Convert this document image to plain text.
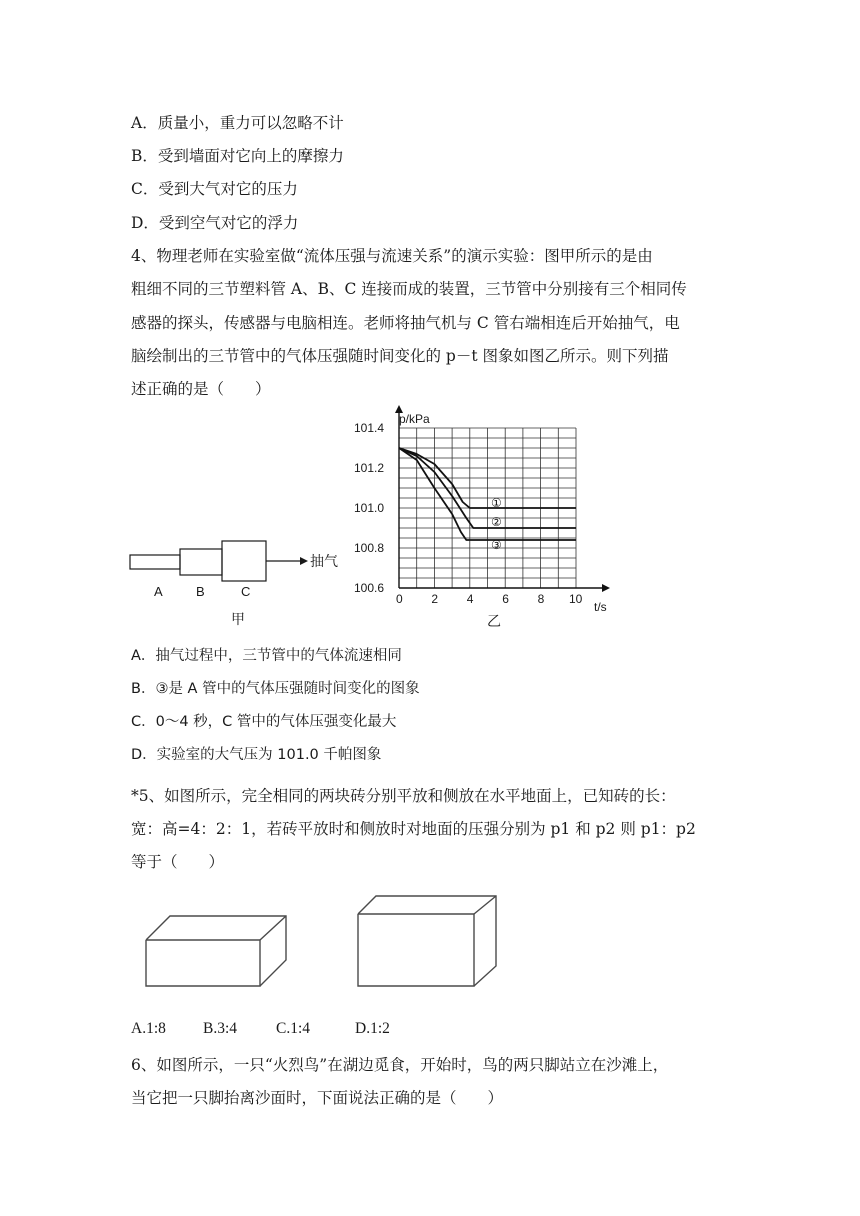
A．质量小，重力可以忽略不计
B．受到墙面对它向上的摩擦力
C．受到大气对它的压力
D．受到空气对它的浮力
4、物理老师在实验室做“流体压强与流速关系”的演示实验：图甲所示的是由
粗细不同的三节塑料管 A、B、C 连接而成的装置，三节管中分别接有三个相同传
感器的探头，传感器与电脑相连。老师将抽气机与 C 管右端相连后开始抽气，电
脑绘制出的三节管中的气体压强随时间变化的 p－t 图象如图乙所示。则下列描
述正确的是（　　）
抽气
A	B	C
甲
①
②
③
0 2 4 6 8 10
100.6
100.8
101.0
101.2
101.4
p/kPa
t/s
乙
A．抽气过程中，三节管中的气体流速相同
B．③是 A 管中的气体压强随时间变化的图象
C．0～4 秒，C 管中的气体压强变化最大
D．实验室的大气压为 101.0 千帕图象
*5、如图所示，完全相同的两块砖分别平放和侧放在水平地面上，已知砖的长：
宽：高=4：2：1，若砖平放时和侧放时对地面的压强分别为 p1 和 p2 则 p1：p2
等于（　　）
A.1:8 B.3:4	C.1:4	D.1:2
6、如图所示，一只“火烈鸟”在湖边觅食，开始时，鸟的两只脚站立在沙滩上，
当它把一只脚抬离沙面时，下面说法正确的是（　　）
